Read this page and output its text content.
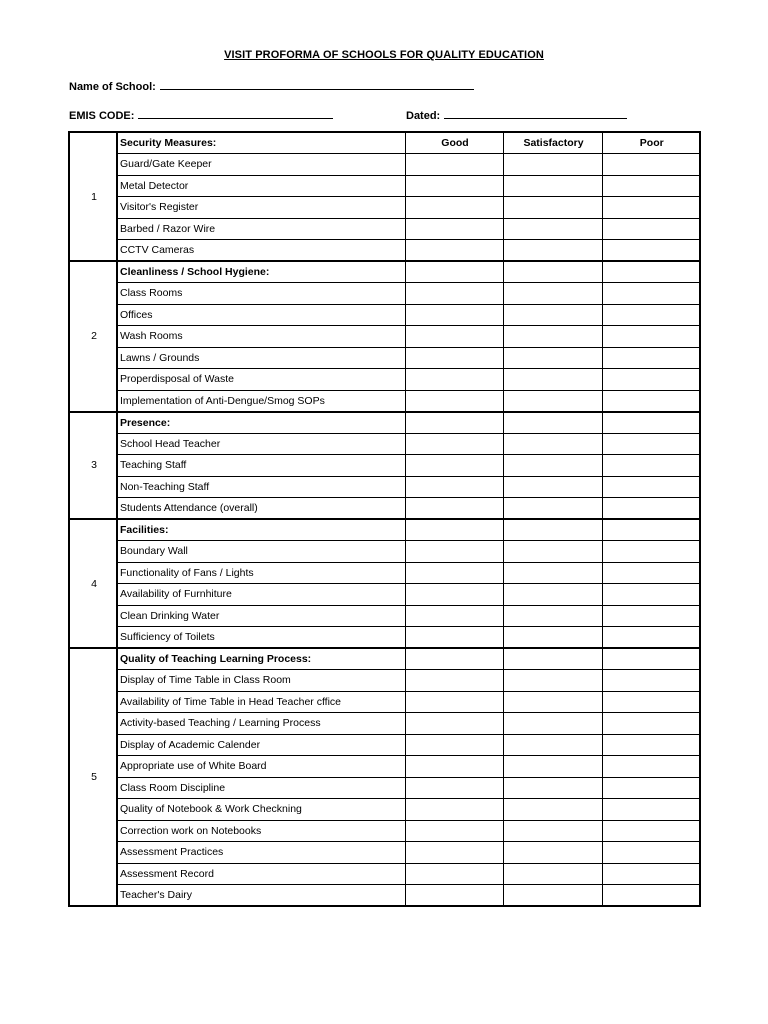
VISIT PROFORMA OF SCHOOLS FOR QUALITY EDUCATION
Name of School:
EMIS CODE:	Dated:
1	Security Measures:	Good	Satisfactory	Poor
	Guard/Gate Keeper			
	Metal Detector			
	Visitor's Register			
	Barbed / Razor Wire			
	CCTV Cameras			
2	Cleanliness / School Hygiene:			
	Class Rooms			
	Offices			
	Wash Rooms			
	Lawns / Grounds			
	Properdisposal of Waste			
	Implementation of Anti-Dengue/Smog SOPs			
3	Presence:			
	School Head Teacher			
	Teaching Staff			
	Non-Teaching Staff			
	Students Attendance (overall)			
4	Facilities:			
	Boundary Wall			
	Functionality of Fans / Lights			
	Availability of Furnhiture			
	Clean Drinking Water			
	Sufficiency of Toilets			
5	Quality of Teaching Learning Process:			
	Display of Time Table in Class Room			
	Availability of Time Table in Head Teacher cffice			
	Activity-based Teaching / Learning Process			
	Display of Academic Calender			
	Appropriate use of White Board			
	Class Room Discipline			
	Quality of Notebook & Work Checkning			
	Correction work on Notebooks			
	Assessment Practices			
	Assessment Record			
	Teacher's Dairy			
